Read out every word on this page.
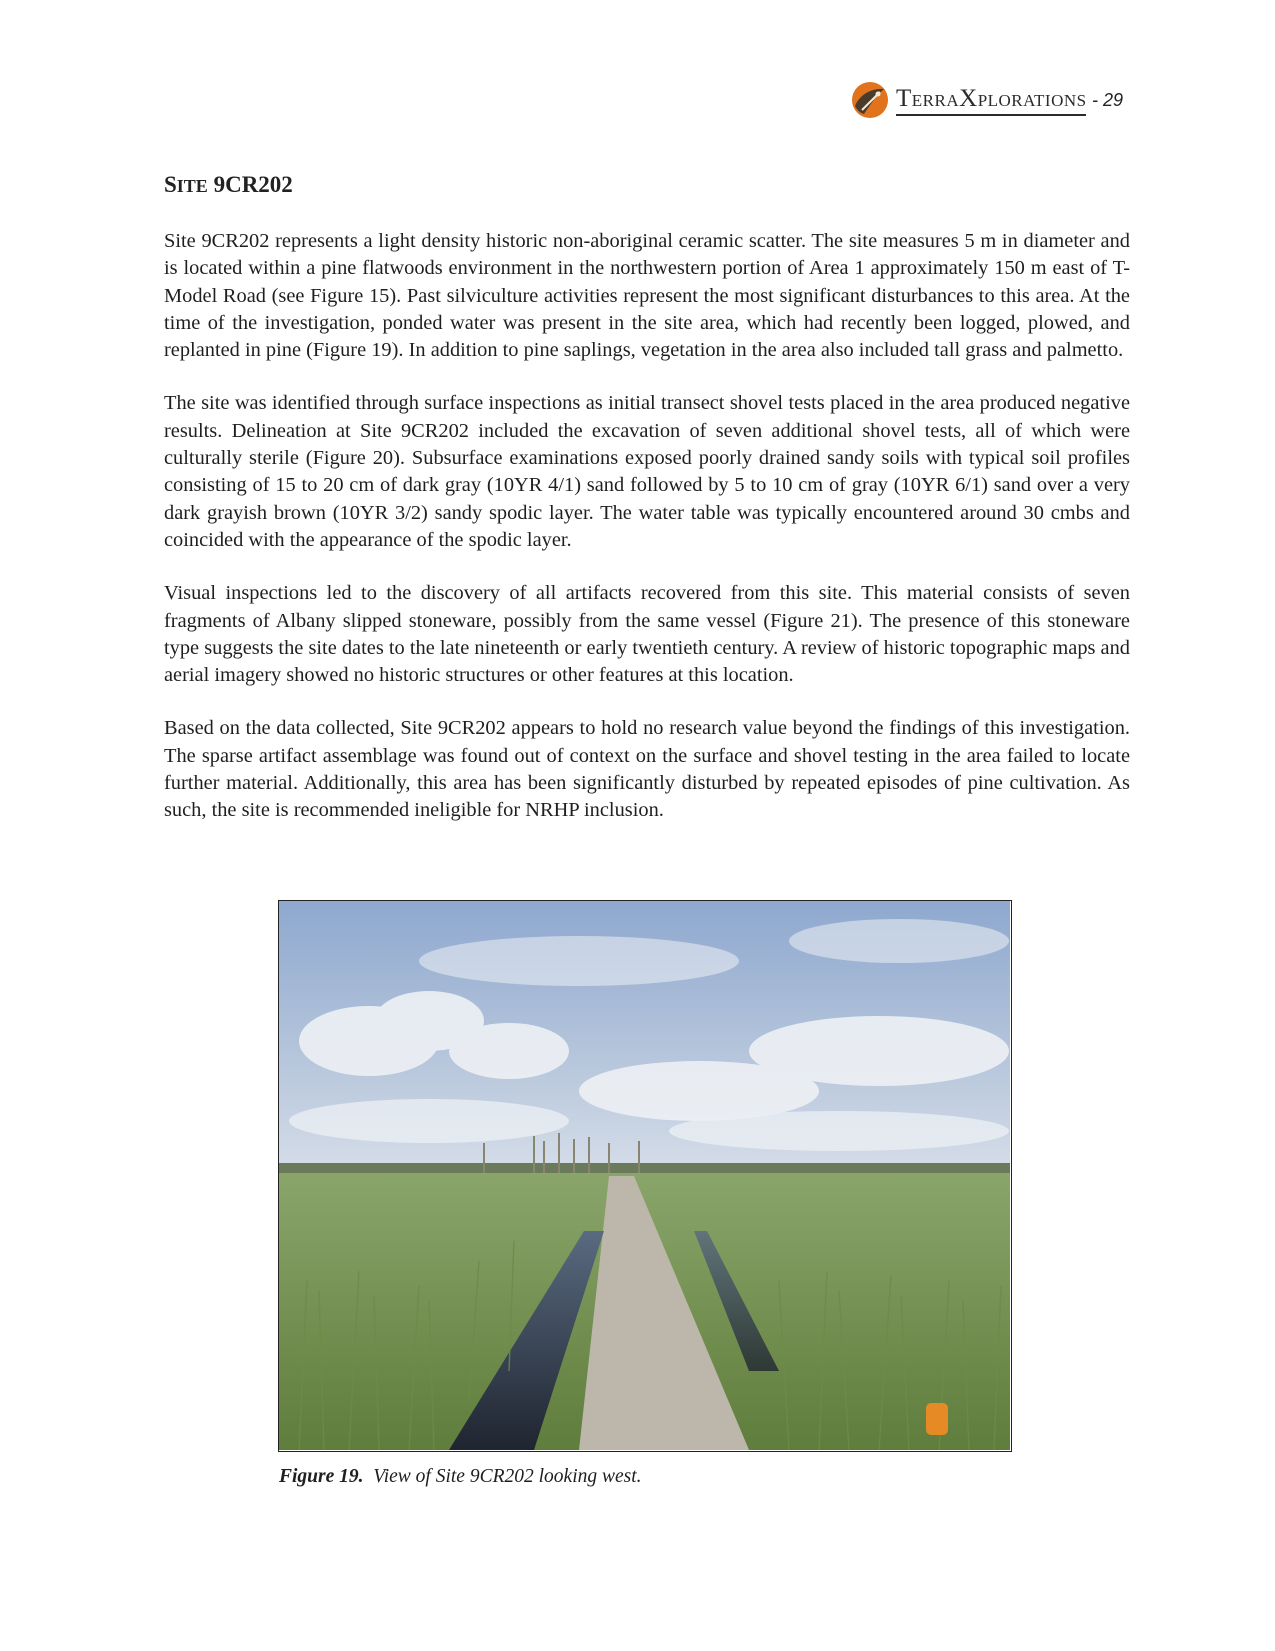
TERRAXPLORATIONS - 29
SITE 9CR202

Site 9CR202 represents a light density historic non-aboriginal ceramic scatter. The site measures 5 m in diameter and is located within a pine flatwoods environment in the northwestern portion of Area 1 approximately 150 m east of T-Model Road (see Figure 15). Past silviculture activities represent the most significant disturbances to this area. At the time of the investigation, ponded water was present in the site area, which had recently been logged, plowed, and replanted in pine (Figure 19). In addition to pine saplings, vegetation in the area also included tall grass and palmetto.

The site was identified through surface inspections as initial transect shovel tests placed in the area produced negative results. Delineation at Site 9CR202 included the excavation of seven additional shovel tests, all of which were culturally sterile (Figure 20). Subsurface examinations exposed poorly drained sandy soils with typical soil profiles consisting of 15 to 20 cm of dark gray (10YR 4/1) sand followed by 5 to 10 cm of gray (10YR 6/1) sand over a very dark grayish brown (10YR 3/2) sandy spodic layer. The water table was typically encountered around 30 cmbs and coincided with the appearance of the spodic layer.

Visual inspections led to the discovery of all artifacts recovered from this site. This material consists of seven fragments of Albany slipped stoneware, possibly from the same vessel (Figure 21). The presence of this stoneware type suggests the site dates to the late nineteenth or early twentieth century. A review of historic topographic maps and aerial imagery showed no historic structures or other features at this location.

Based on the data collected, Site 9CR202 appears to hold no research value beyond the findings of this investigation. The sparse artifact assemblage was found out of context on the surface and shovel testing in the area failed to locate further material. Additionally, this area has been significantly disturbed by repeated episodes of pine cultivation. As such, the site is recommended ineligible for NRHP inclusion.

Figure 19. View of Site 9CR202 looking west.
